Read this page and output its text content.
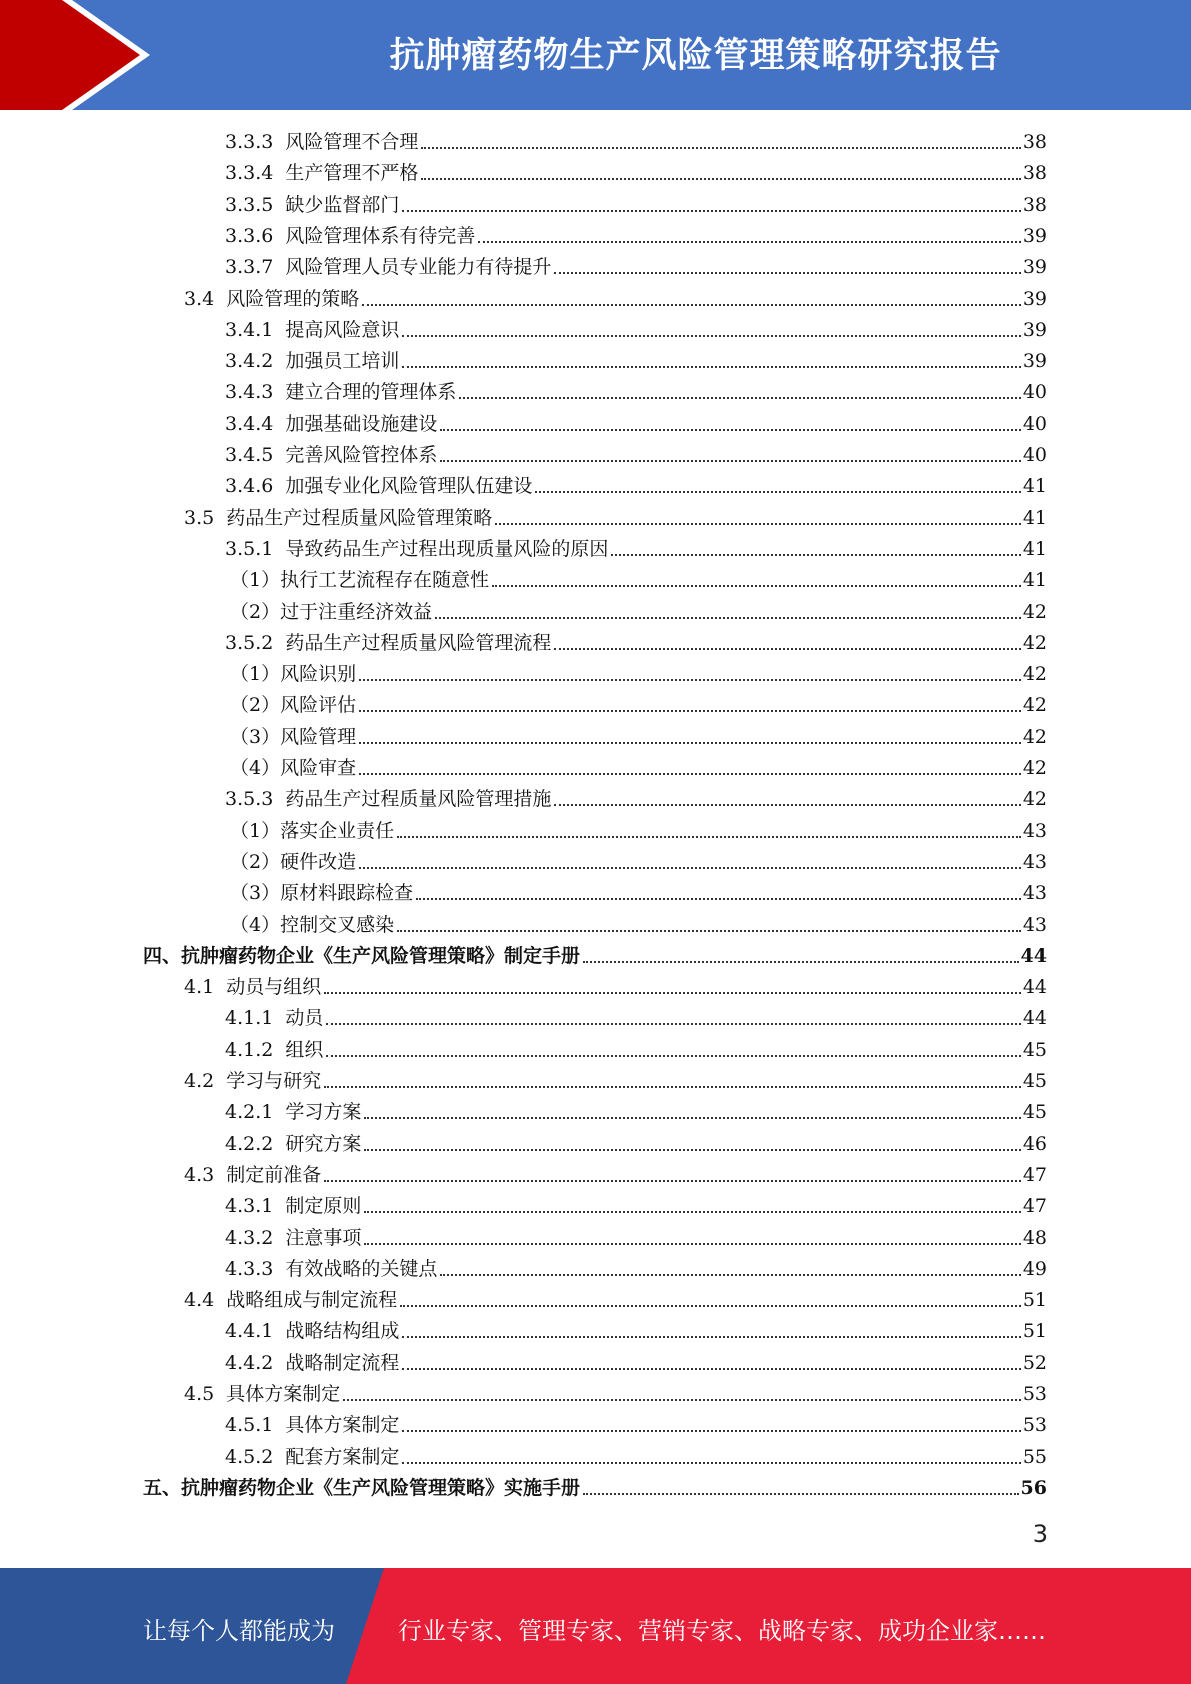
抗肿瘤药物生产风险管理策略研究报告
3.3.3 风险管理不合理	38
3.3.4 生产管理不严格	38
3.3.5 缺少监督部门	38
3.3.6 风险管理体系有待完善	39
3.3.7 风险管理人员专业能力有待提升	39
3.4 风险管理的策略	39
3.4.1 提高风险意识	39
3.4.2 加强员工培训	39
3.4.3 建立合理的管理体系	40
3.4.4 加强基础设施建设	40
3.4.5 完善风险管控体系	40
3.4.6 加强专业化风险管理队伍建设	41
3.5 药品生产过程质量风险管理策略	41
3.5.1 导致药品生产过程出现质量风险的原因	41
（1）执行工艺流程存在随意性	41
（2）过于注重经济效益	42
3.5.2 药品生产过程质量风险管理流程	42
（1）风险识别	42
（2）风险评估	42
（3）风险管理	42
（4）风险审查	42
3.5.3 药品生产过程质量风险管理措施	42
（1）落实企业责任	43
（2）硬件改造	43
（3）原材料跟踪检查	43
（4）控制交叉感染	43
四、抗肿瘤药物企业《生产风险管理策略》制定手册	44
4.1 动员与组织	44
4.1.1 动员	44
4.1.2 组织	45
4.2 学习与研究	45
4.2.1 学习方案	45
4.2.2 研究方案	46
4.3 制定前准备	47
4.3.1 制定原则	47
4.3.2 注意事项	48
4.3.3 有效战略的关键点	49
4.4 战略组成与制定流程	51
4.4.1 战略结构组成	51
4.4.2 战略制定流程	52
4.5 具体方案制定	53
4.5.1 具体方案制定	53
4.5.2 配套方案制定	55
五、抗肿瘤药物企业《生产风险管理策略》实施手册	56
3
让每个人都能成为	行业专家、管理专家、营销专家、战略专家、成功企业家……
